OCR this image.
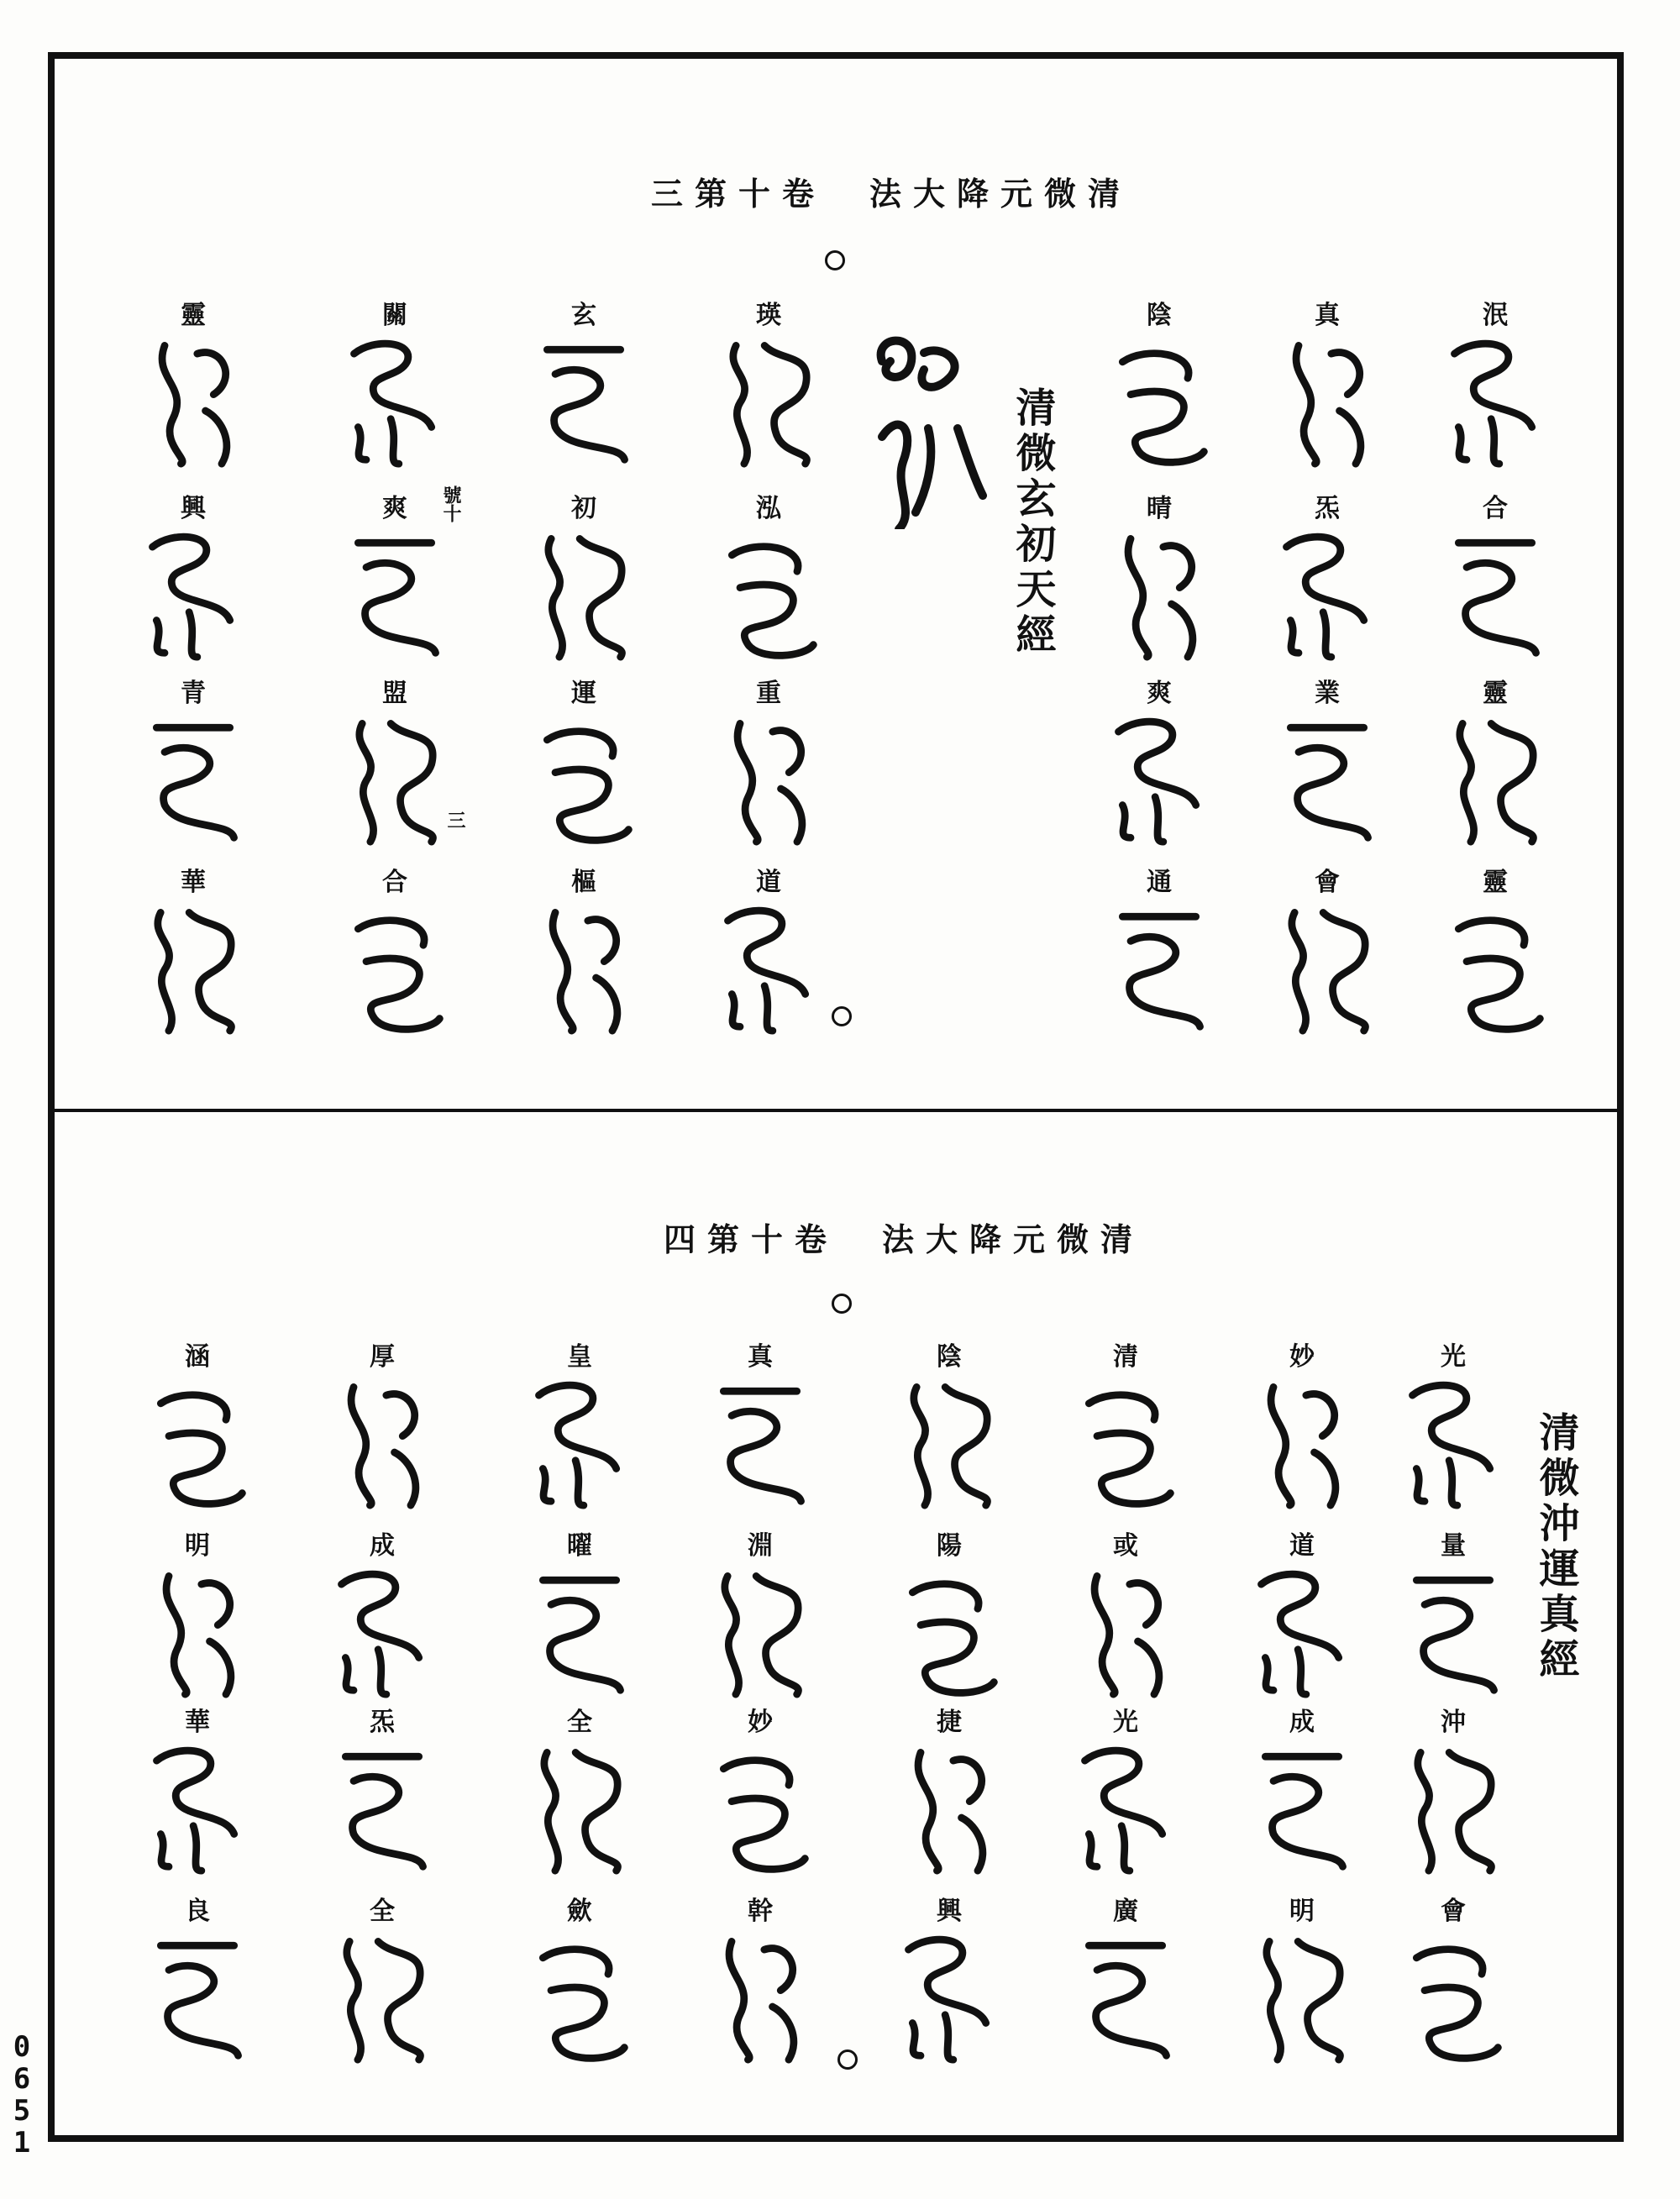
三第十卷　法大降元微清
清微玄初天經
號十
三
泯
合
靈
靈
真
炁
業
會
陰
晴
爽
通
瑛
泓
重
道
玄
初
運
樞
關
爽
盟
合
靈
興
青
華
四第十卷　法大降元微清
清微沖運真經
光
量
沖
會
妙
道
成
明
清
或
光
廣
陰
陽
捷
興
真
淵
妙
幹
皇
曜
全
歛
厚
成
炁
全
涵
明
華
良
0
6
5
1
